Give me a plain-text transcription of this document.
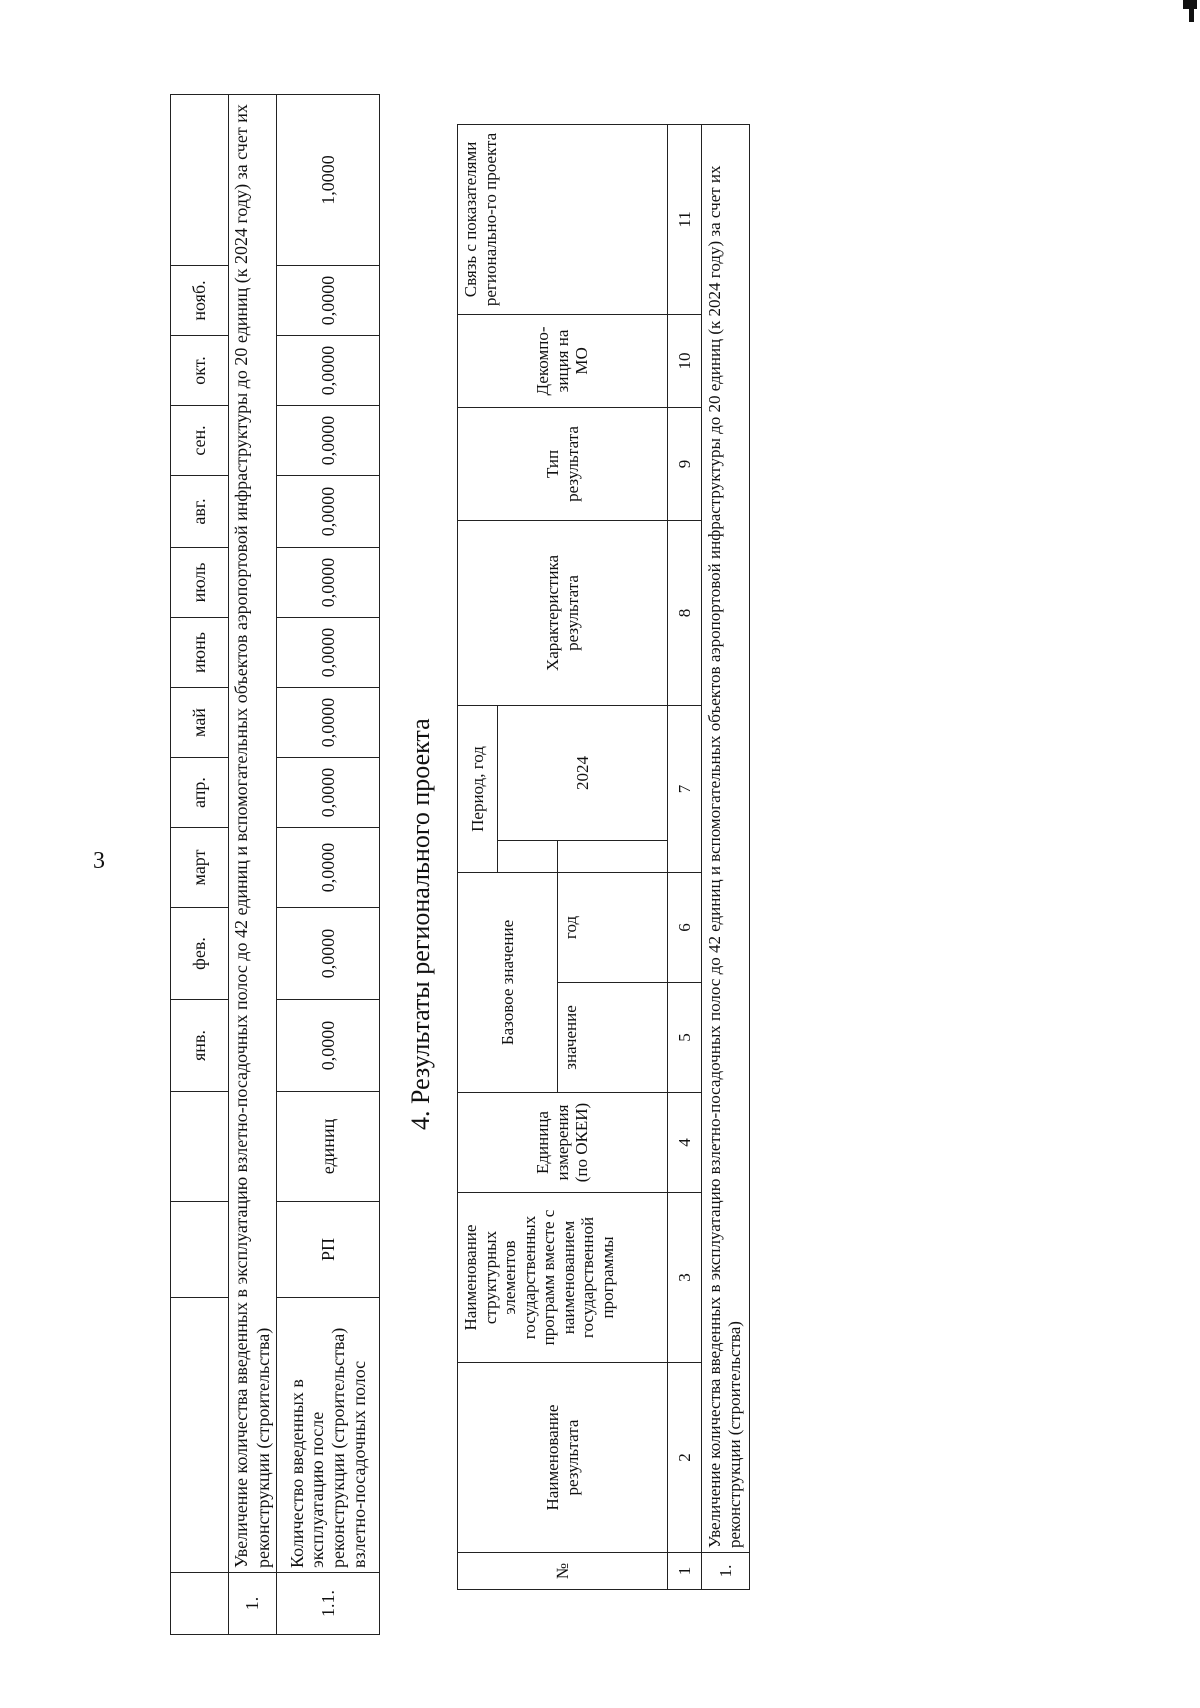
3
				янв.	фев.	март	апр.	май	июнь	июль	авг.	сен.	окт.	нояб.	
1.	Увеличение количества введенных в эксплуатацию взлетно-посадочных полос до 42 единиц и вспомогательных объектов аэропортовой инфраструктуры до 20 единиц (к 2024 году) за счет их реконструкции (строительства)														
1.1.	Количество введенных в эксплуатацию после реконструкции (строительства) взлетно-посадочных полос	РП	единиц	0,0000	0,0000	0,0000	0,0000	0,0000	0,0000	0,0000	0,0000	0,0000	0,0000	0,0000	1,0000
4. Результаты регионального проекта
№	Наименование результата	Наименование структурных элементов государственных программ вместе с наименованием государственной программы	Единица измерения (по ОКЕИ)	Базовое значение		Период, год		Характеристика результата	Тип результата	Декомпо-зиция на МО	Связь с показателями регионально-го проекта
							2024				
				значение	год						
1	2	3	4	5	6	7		8	9	10	11
1.	Увеличение количества введенных в эксплуатацию взлетно-посадочных полос до 42 единиц и вспомогательных объектов аэропортовой инфраструктуры до 20 единиц (к 2024 году) за счет их реконструкции (строительства)										
